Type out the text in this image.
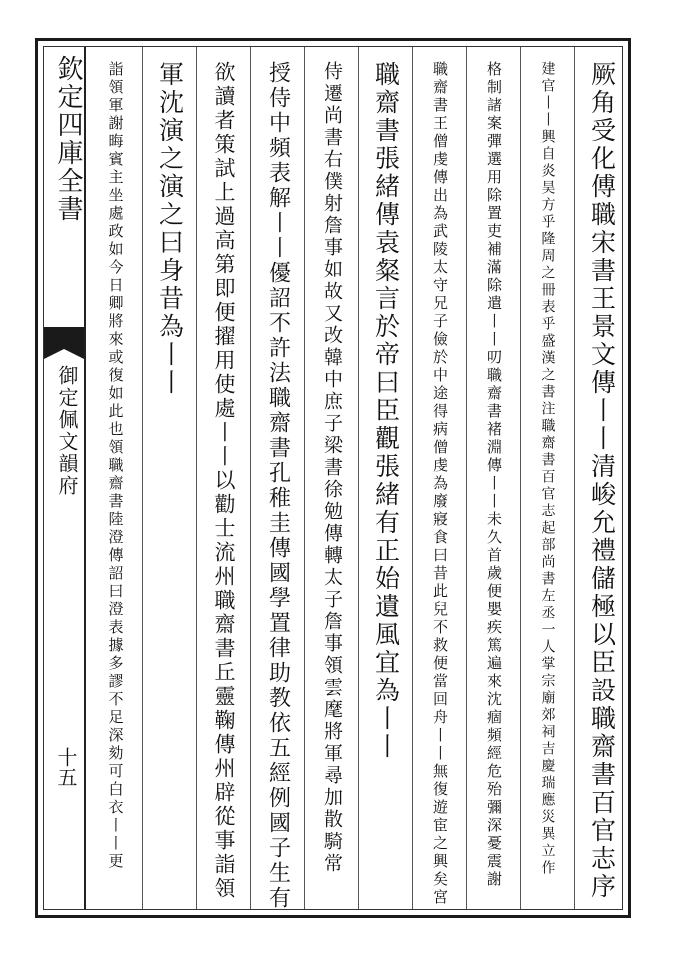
欽定四庫全書
御定佩文韻府
十五	厥角受化傅職宋書王景文傳丨丨清峻允禮儲極以臣設職齋書百官志序
建官丨丨興自炎昊方乎隆周之冊表乎盛漢之書注職齋書百官志起部尚書左丞一人掌宗廟郊祠吉慶瑞應災異立作
格制諸案彈選用除置吏補滿除遣丨丨叨職齋書褚淵傳丨丨未久首歲便嬰疾篤遍來沈痼頻經危殆彌深憂震謝
職齋書王僧虔傳出為武陵太守兄子儉於中途得病僧虔為廢寢食曰昔此兒不救便當回舟丨丨無復遊宦之興矣宮
職齋書張緒傳袁粲言於帝曰臣觀張緒有正始遺風宜為丨丨
侍遷尚書右僕射詹事如故又改韓中庶子梁書徐勉傳轉太子詹事領雲麾將軍尋加散騎常
授侍中頻表解丨丨優詔不許法職齋書孔稚圭傳國學置律助教依五經例國子生有
欲讀者策試上過高第即便擢用使處丨丨以勸士流州職齋書丘靈鞠傳州辟從事詣領
軍沈演之演之曰身昔為丨丨
詣領軍謝晦賓主坐處政如今日卿將來或復如此也領職齋書陸澄傳詔曰澄表據多謬不足深劾可白衣丨丨更
